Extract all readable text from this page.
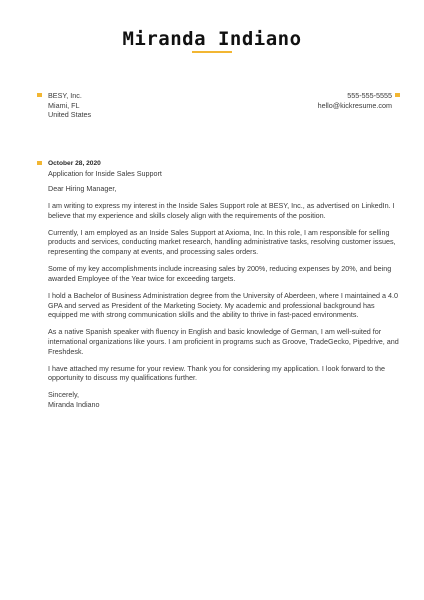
Miranda Indiano
BESY, Inc.
Miami, FL
United States
555-555-5555
hello@kickresume.com
October 28, 2020
Application for Inside Sales Support

Dear Hiring Manager,

I am writing to express my interest in the Inside Sales Support role at BESY, Inc., as advertised on LinkedIn. I
believe that my experience and skills closely align with the requirements of the position.

Currently, I am employed as an Inside Sales Support at Axioma, Inc. In this role, I am responsible for selling
products and services, conducting market research, handling administrative tasks, resolving customer issues,
representing the company at events, and processing sales orders.

Some of my key accomplishments include increasing sales by 200%, reducing expenses by 20%, and being
awarded Employee of the Year twice for exceeding targets.

I hold a Bachelor of Business Administration degree from the University of Aberdeen, where I maintained a 4.0
GPA and served as President of the Marketing Society. My academic and professional background has
equipped me with strong communication skills and the ability to thrive in fast-paced environments.

As a native Spanish speaker with fluency in English and basic knowledge of German, I am well-suited for
international organizations like yours. I am proficient in programs such as Groove, TradeGecko, Pipedrive, and
Freshdesk.

I have attached my resume for your review. Thank you for considering my application. I look forward to the
opportunity to discuss my qualifications further.

Sincerely,
Miranda Indiano
